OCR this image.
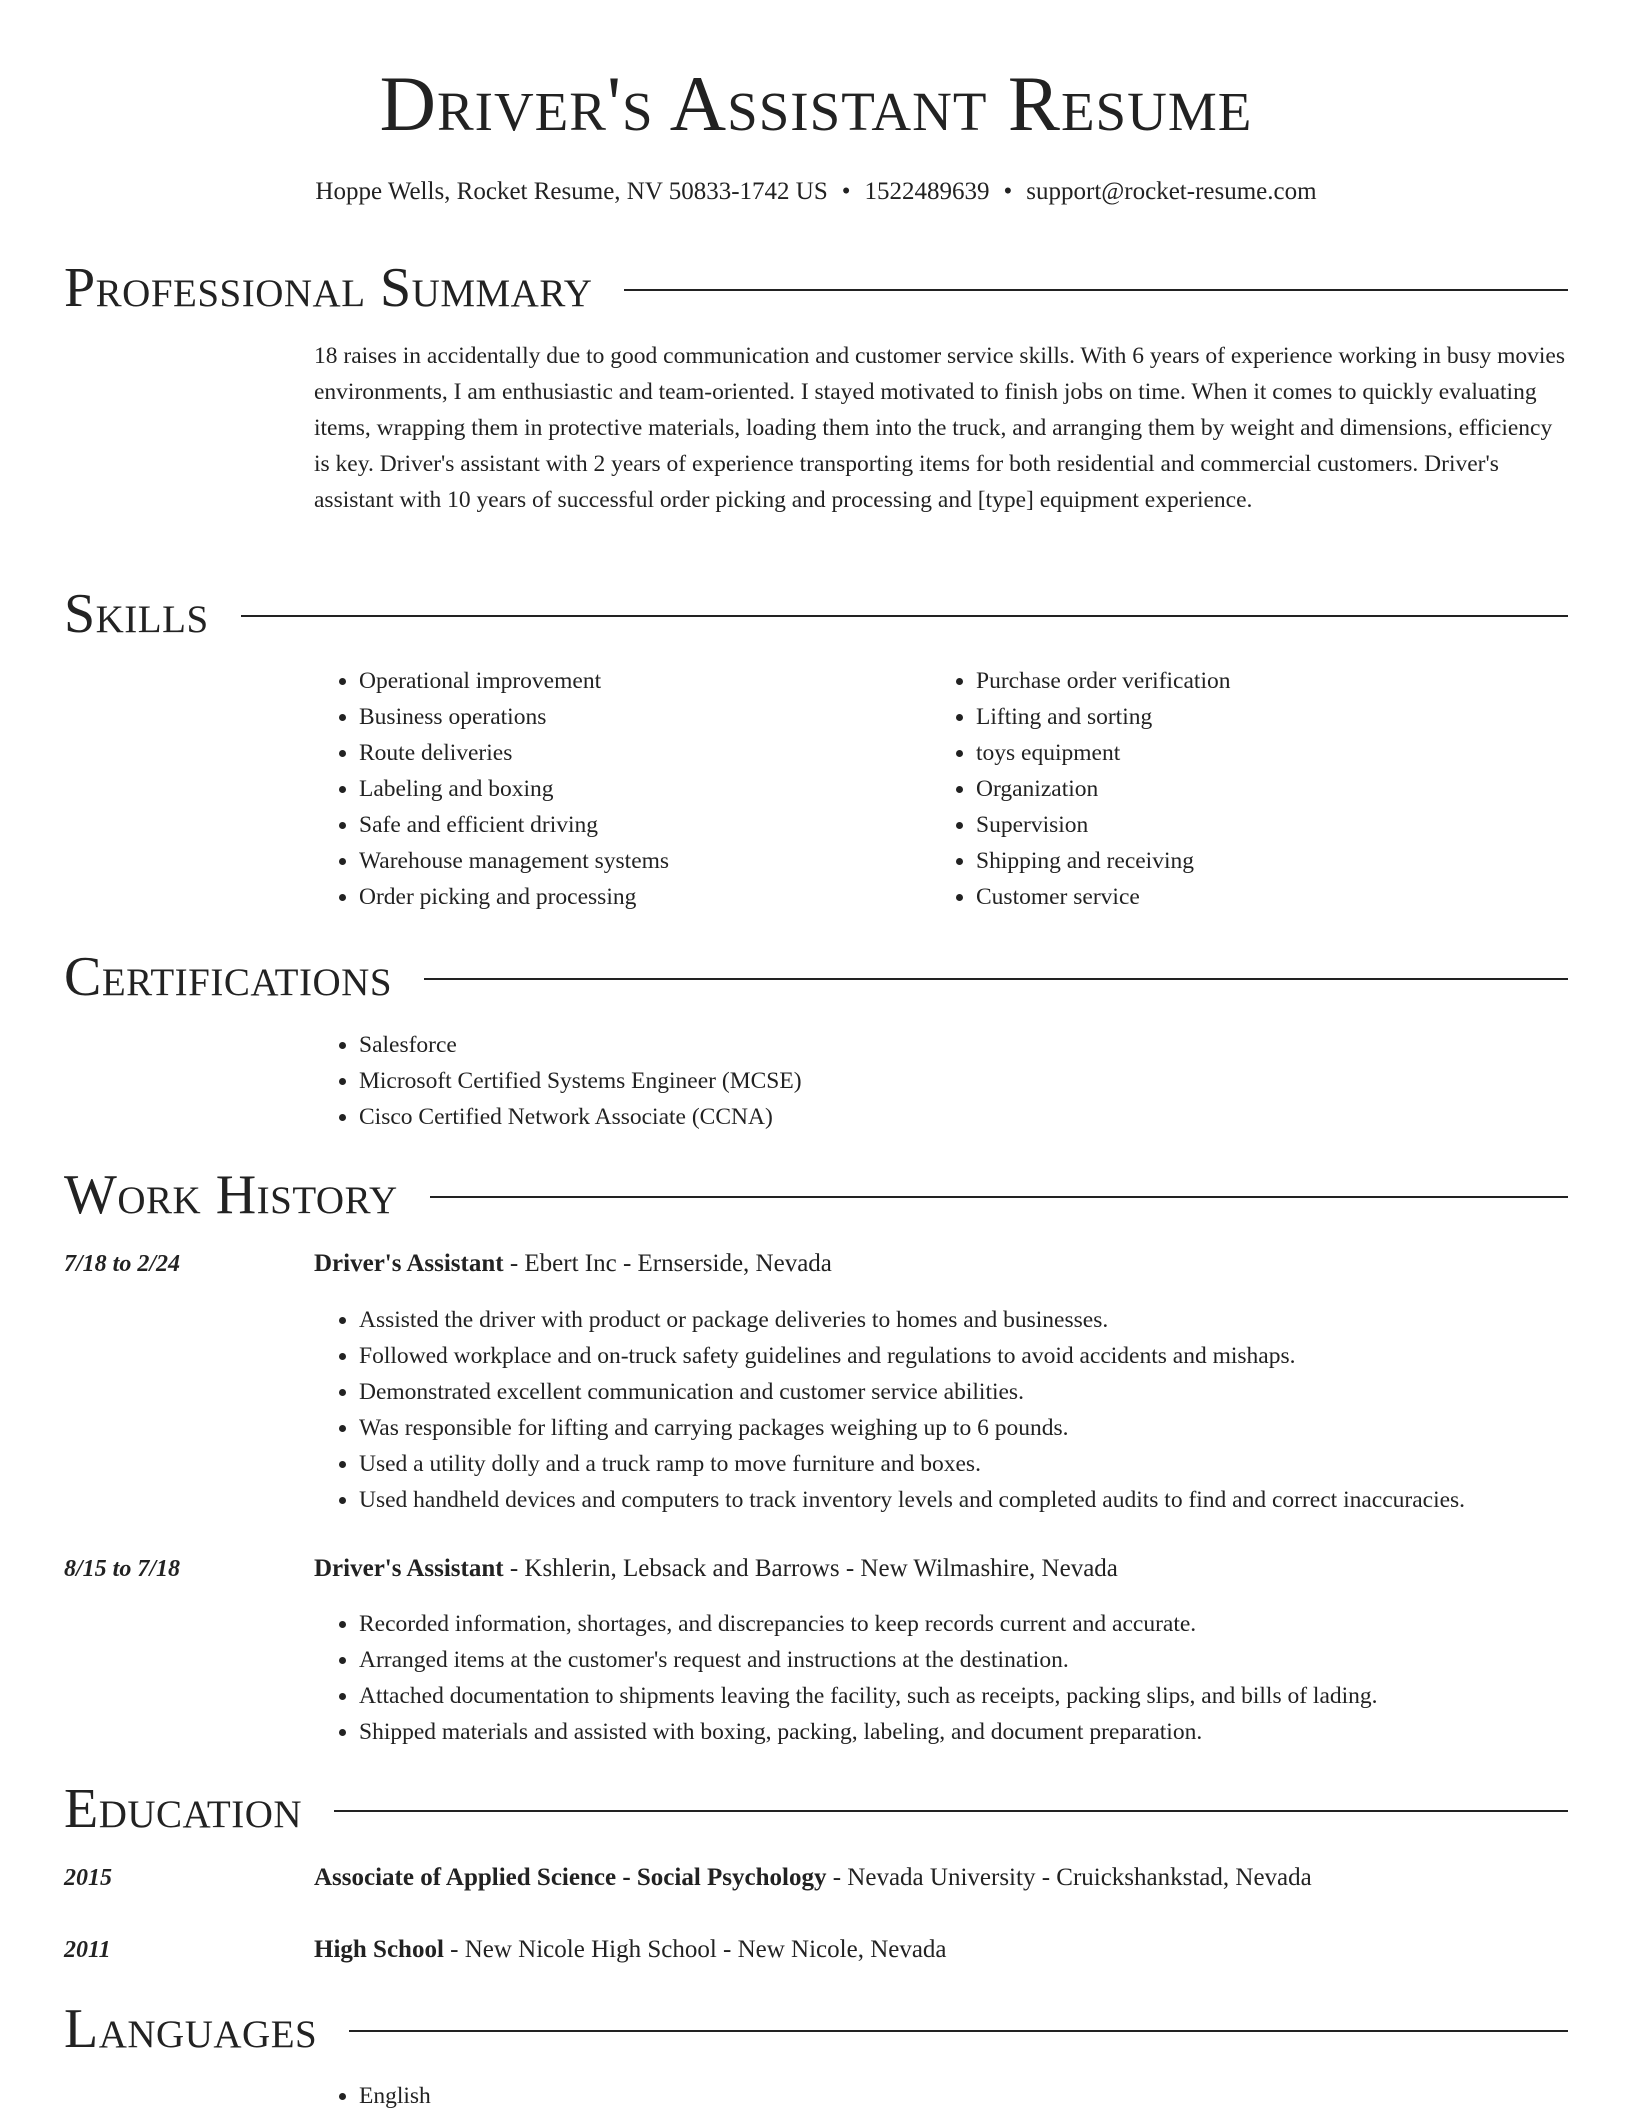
Driver's Assistant Resume
Hoppe Wells, Rocket Resume, NV 50833-1742 US • 1522489639 • support@rocket-resume.com
Professional Summary

18 raises in accidentally due to good communication and customer service skills. With 6 years of experience working in busy movies environments, I am enthusiastic and team-oriented. I stayed motivated to finish jobs on time. When it comes to quickly evaluating items, wrapping them in protective materials, loading them into the truck, and arranging them by weight and dimensions, efficiency is key. Driver's assistant with 2 years of experience transporting items for both residential and commercial customers. Driver's assistant with 10 years of successful order picking and processing and [type] equipment experience.

Skills
• Operational improvement
• Business operations
• Route deliveries
• Labeling and boxing
• Safe and efficient driving
• Warehouse management systems
• Order picking and processing
• Purchase order verification
• Lifting and sorting
• toys equipment
• Organization
• Supervision
• Shipping and receiving
• Customer service
Certifications
• Salesforce
• Microsoft Certified Systems Engineer (MCSE)
• Cisco Certified Network Associate (CCNA)
Work History
7/18 to 2/24	Driver's Assistant - Ebert Inc - Ernserside, Nevada
• Assisted the driver with product or package deliveries to homes and businesses.
• Followed workplace and on-truck safety guidelines and regulations to avoid accidents and mishaps.
• Demonstrated excellent communication and customer service abilities.
• Was responsible for lifting and carrying packages weighing up to 6 pounds.
• Used a utility dolly and a truck ramp to move furniture and boxes.
• Used handheld devices and computers to track inventory levels and completed audits to find and correct inaccuracies.
8/15 to 7/18	Driver's Assistant - Kshlerin, Lebsack and Barrows - New Wilmashire, Nevada
• Recorded information, shortages, and discrepancies to keep records current and accurate.
• Arranged items at the customer's request and instructions at the destination.
• Attached documentation to shipments leaving the facility, such as receipts, packing slips, and bills of lading.
• Shipped materials and assisted with boxing, packing, labeling, and document preparation.
Education
2015	Associate of Applied Science - Social Psychology - Nevada University - Cruickshankstad, Nevada
2011	High School - New Nicole High School - New Nicole, Nevada
Languages
• English
